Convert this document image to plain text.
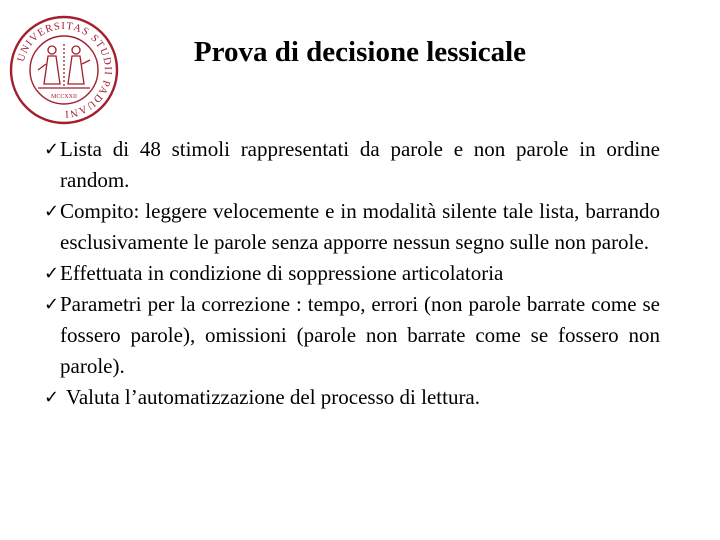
UNIVERSITAS STUDII PADUANI
MCCXXII
Prova di decisione lessicale
✓ Lista di 48 stimoli rappresentati da parole e non parole in ordine random.
✓ Compito: leggere velocemente e in modalità silente tale lista, barrando esclusivamente le parole senza apporre nessun segno sulle non parole.
✓ Effettuata in condizione di soppressione articolatoria
✓ Parametri per la correzione : tempo, errori (non parole barrate come se fossero parole), omissioni (parole non barrate come se fossero non parole).
✓ Valuta l’automatizzazione del processo di lettura.
